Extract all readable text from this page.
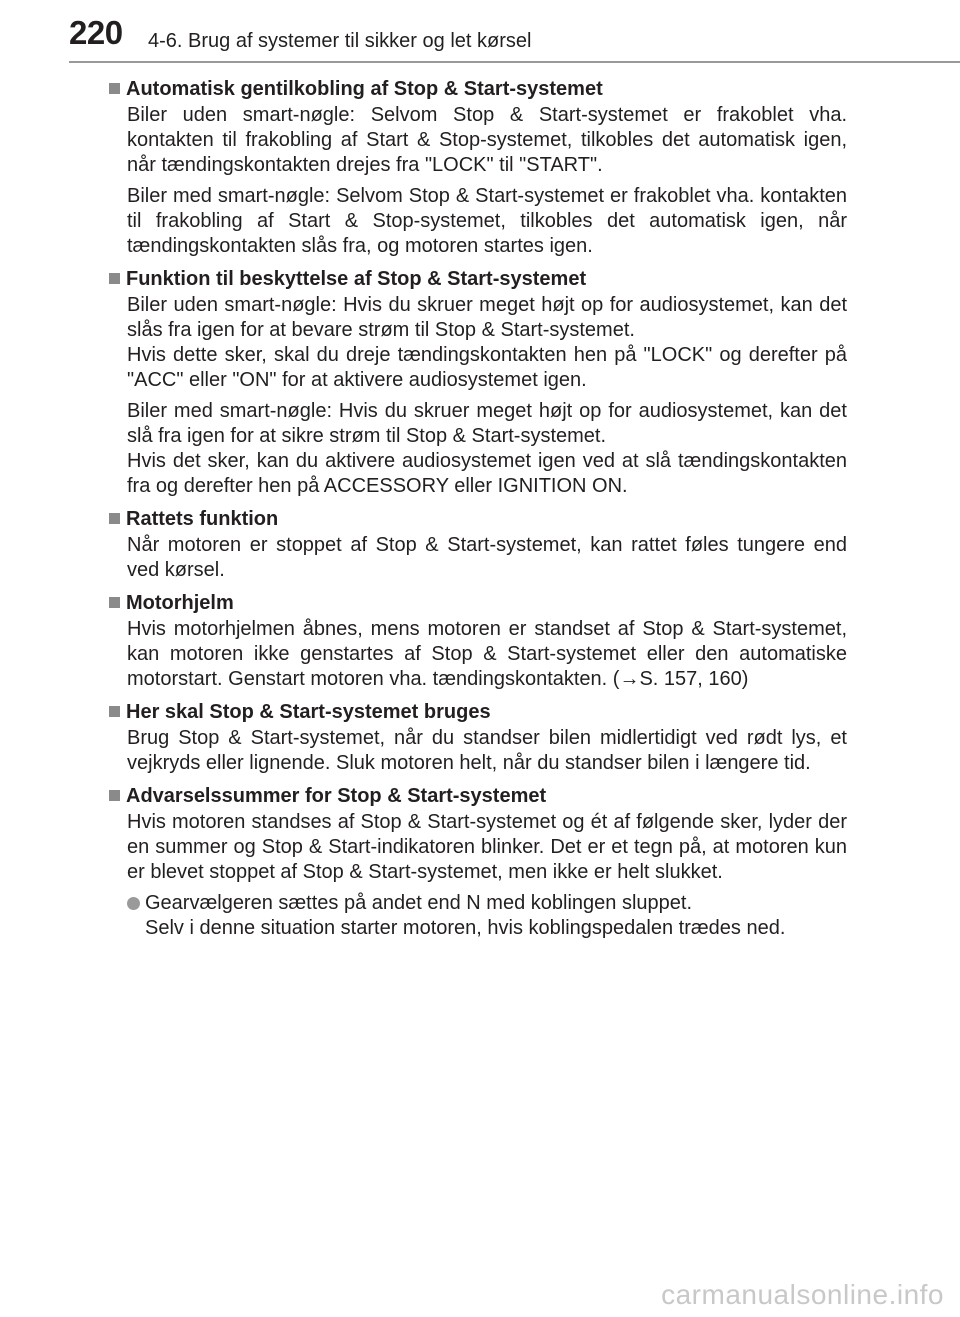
220 4-6. Brug af systemer til sikker og let kørsel
Automatisk gentilkobling af Stop & Start-systemet

Biler uden smart-nøgle: Selvom Stop & Start-systemet er frakoblet vha. kontakten til frakobling af Start & Stop-systemet, tilkobles det automatisk igen, når tændingskontakten drejes fra "LOCK" til "START".

Biler med smart-nøgle: Selvom Stop & Start-systemet er frakoblet vha. kontakten til frakobling af Start & Stop-systemet, tilkobles det automatisk igen, når tændingskontakten slås fra, og motoren startes igen.

Funktion til beskyttelse af Stop & Start-systemet

Biler uden smart-nøgle: Hvis du skruer meget højt op for audiosystemet, kan det slås fra igen for at bevare strøm til Stop & Start-systemet.

Hvis dette sker, skal du dreje tændingskontakten hen på "LOCK" og derefter på "ACC" eller "ON" for at aktivere audiosystemet igen.

Biler med smart-nøgle: Hvis du skruer meget højt op for audiosystemet, kan det slå fra igen for at sikre strøm til Stop & Start-systemet.

Hvis det sker, kan du aktivere audiosystemet igen ved at slå tændingskontakten fra og derefter hen på ACCESSORY eller IGNITION ON.

Rattets funktion

Når motoren er stoppet af Stop & Start-systemet, kan rattet føles tungere end ved kørsel.

Motorhjelm

Hvis motorhjelmen åbnes, mens motoren er standset af Stop & Start-systemet, kan motoren ikke genstartes af Stop & Start-systemet eller den automatiske motorstart. Genstart motoren vha. tændingskontakten. (→S. 157, 160)

Her skal Stop & Start-systemet bruges

Brug Stop & Start-systemet, når du standser bilen midlertidigt ved rødt lys, et vejkryds eller lignende. Sluk motoren helt, når du standser bilen i længere tid.

Advarselssummer for Stop & Start-systemet

Hvis motoren standses af Stop & Start-systemet og ét af følgende sker, lyder der en summer og Stop & Start-indikatoren blinker. Det er et tegn på, at motoren kun er blevet stoppet af Stop & Start-systemet, men ikke er helt slukket.

Gearvælgeren sættes på andet end N med koblingen sluppet.
Selv i denne situation starter motoren, hvis koblingspedalen trædes ned.
carmanualsonline.info
